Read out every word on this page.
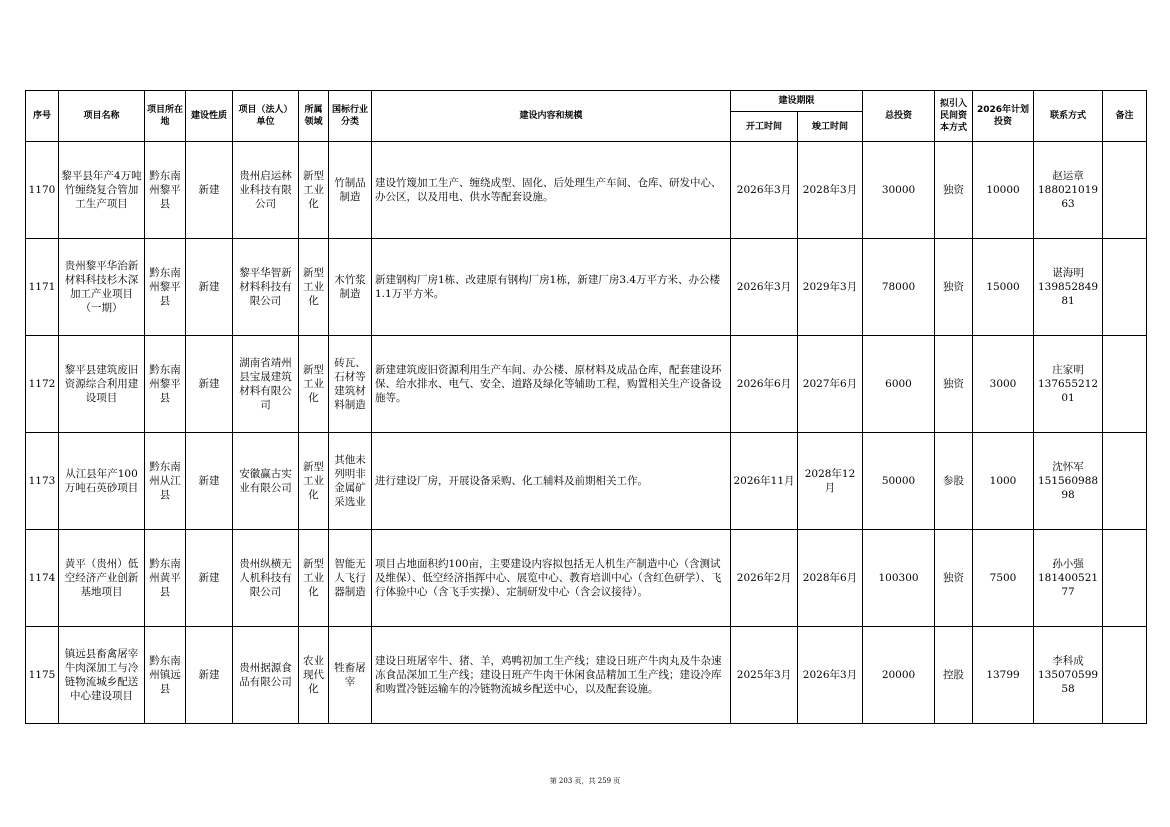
序号	项目名称	项目所在地	建设性质	项目（法人）单位	所属领域	国标行业分类	建设内容和规模	建设期限		总投资	拟引入民间资本方式	2026年计划投资	联系方式	备注
								开工时间	竣工时间					
1170	黎平县年产4万吨竹缠绕复合管加工生产项目	黔东南州黎平县	新建	贵州启运林业科技有限公司	新型工业化	竹制品制造	建设竹篾加工生产、缠绕成型、固化、后处理生产车间、仓库、研发中心、办公区，以及用电、供水等配套设施。	2026年3月	2028年3月	30000	独资	10000	赵运章
18802101963	

1171	贵州黎平华治新材料科技杉木深加工产业项目（一期）	黔东南州黎平县	新建	黎平华智新材料科技有限公司	新型工业化	木竹浆制造	新建钢构厂房1栋、改建原有钢构厂房1栋，新建厂房3.4万平方米、办公楼1.1万平方米。	2026年3月	2029年3月	78000	独资	15000	谌海明
13985284981	

1172	黎平县建筑废旧资源综合利用建设项目	黔东南州黎平县	新建	湖南省靖州县宝晟建筑材料有限公司	新型工业化	砖瓦、石材等建筑材料制造	新建建筑废旧资源利用生产车间、办公楼、原材料及成品仓库，配套建设环保、给水排水、电气、安全、道路及绿化等辅助工程，购置相关生产设备设施等。	2026年6月	2027年6月	6000	独资	3000	庄家明
13765521201	

1173	从江县年产100万吨石英砂项目	黔东南州从江县	新建	安徽赢古实业有限公司	新型工业化	其他未列明非金属矿采选业	进行建设厂房，开展设备采购、化工辅料及前期相关工作。	2026年11月	2028年12月	50000	参股	1000	沈怀军
15156098898	

1174	黄平（贵州）低空经济产业创新基地项目	黔东南州黄平县	新建	贵州纵横无人机科技有限公司	新型工业化	智能无人飞行器制造	项目占地面积约100亩，主要建设内容拟包括无人机生产制造中心（含测试及维保）、低空经济指挥中心、展览中心、教育培训中心（含红色研学）、飞行体验中心（含飞手实操）、定制研发中心（含会议接待）。	2026年2月	2028年6月	100300	独资	7500	孙小强
18140052177	

1175	镇远县畜禽屠宰牛肉深加工与冷链物流城乡配送中心建设项目	黔东南州镇远县	新建	贵州据源食品有限公司	农业现代化	牲畜屠宰	建设日班屠宰牛、猪、羊，鸡鸭初加工生产线；建设日班产牛肉丸及牛杂速冻食品深加工生产线；建设日班产牛肉干休闲食品精加工生产线；建设冷库和购置冷链运输车的冷链物流城乡配送中心，以及配套设施。	2025年3月	2026年3月	20000	控股	13799	李科成
13507059958	

第 203 页，共 259 页
